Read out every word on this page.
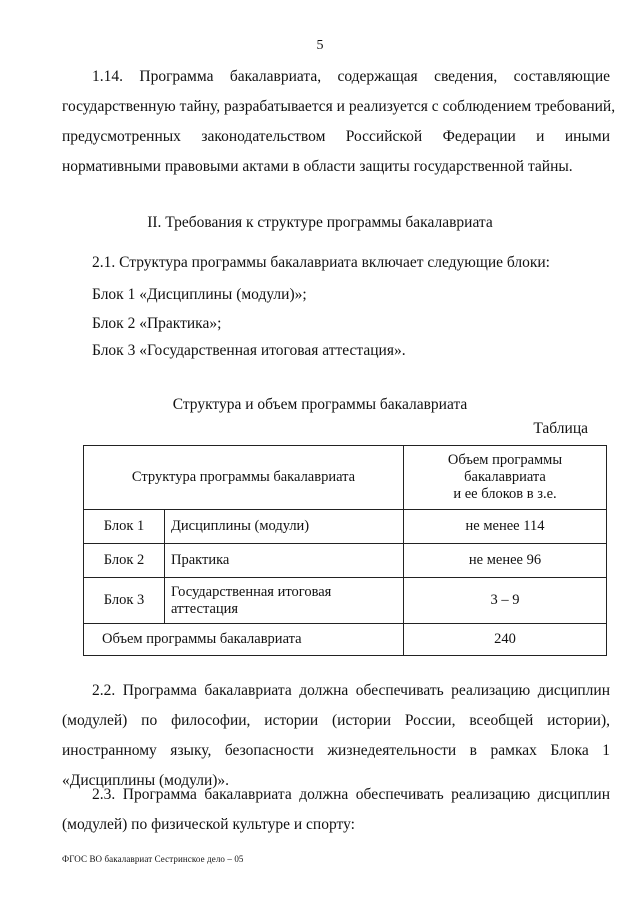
5
1.14. Программа бакалавриата, содержащая сведения, составляющие
государственную тайну, разрабатывается и реализуется с соблюдением требований,
предусмотренных законодательством Российской Федерации и иными
нормативными правовыми актами в области защиты государственной тайны.
II. Требования к структуре программы бакалавриата
2.1. Структура программы бакалавриата включает следующие блоки:
Блок 1 «Дисциплины (модули)»;
Блок 2 «Практика»;
Блок 3 «Государственная итоговая аттестация».
Структура и объем программы бакалавриата
Таблица
Структура программы бакалавриата		Объем программы
бакалавриата
и ее блоков в з.е.

Блок 1	Дисциплины (модули)	не менее 114
Блок 2	Практика	не менее 96
Блок 3	Государственная итоговая аттестация	3 – 9
Объем программы бакалавриата		240
2.2. Программа бакалавриата должна обеспечивать реализацию дисциплин
(модулей) по философии, истории (истории России, всеобщей истории),
иностранному языку, безопасности жизнедеятельности в рамках Блока 1
«Дисциплины (модули)».
2.3. Программа бакалавриата должна обеспечивать реализацию дисциплин
(модулей) по физической культуре и спорту:
ФГОС ВО бакалавриат Сестринское дело – 05
